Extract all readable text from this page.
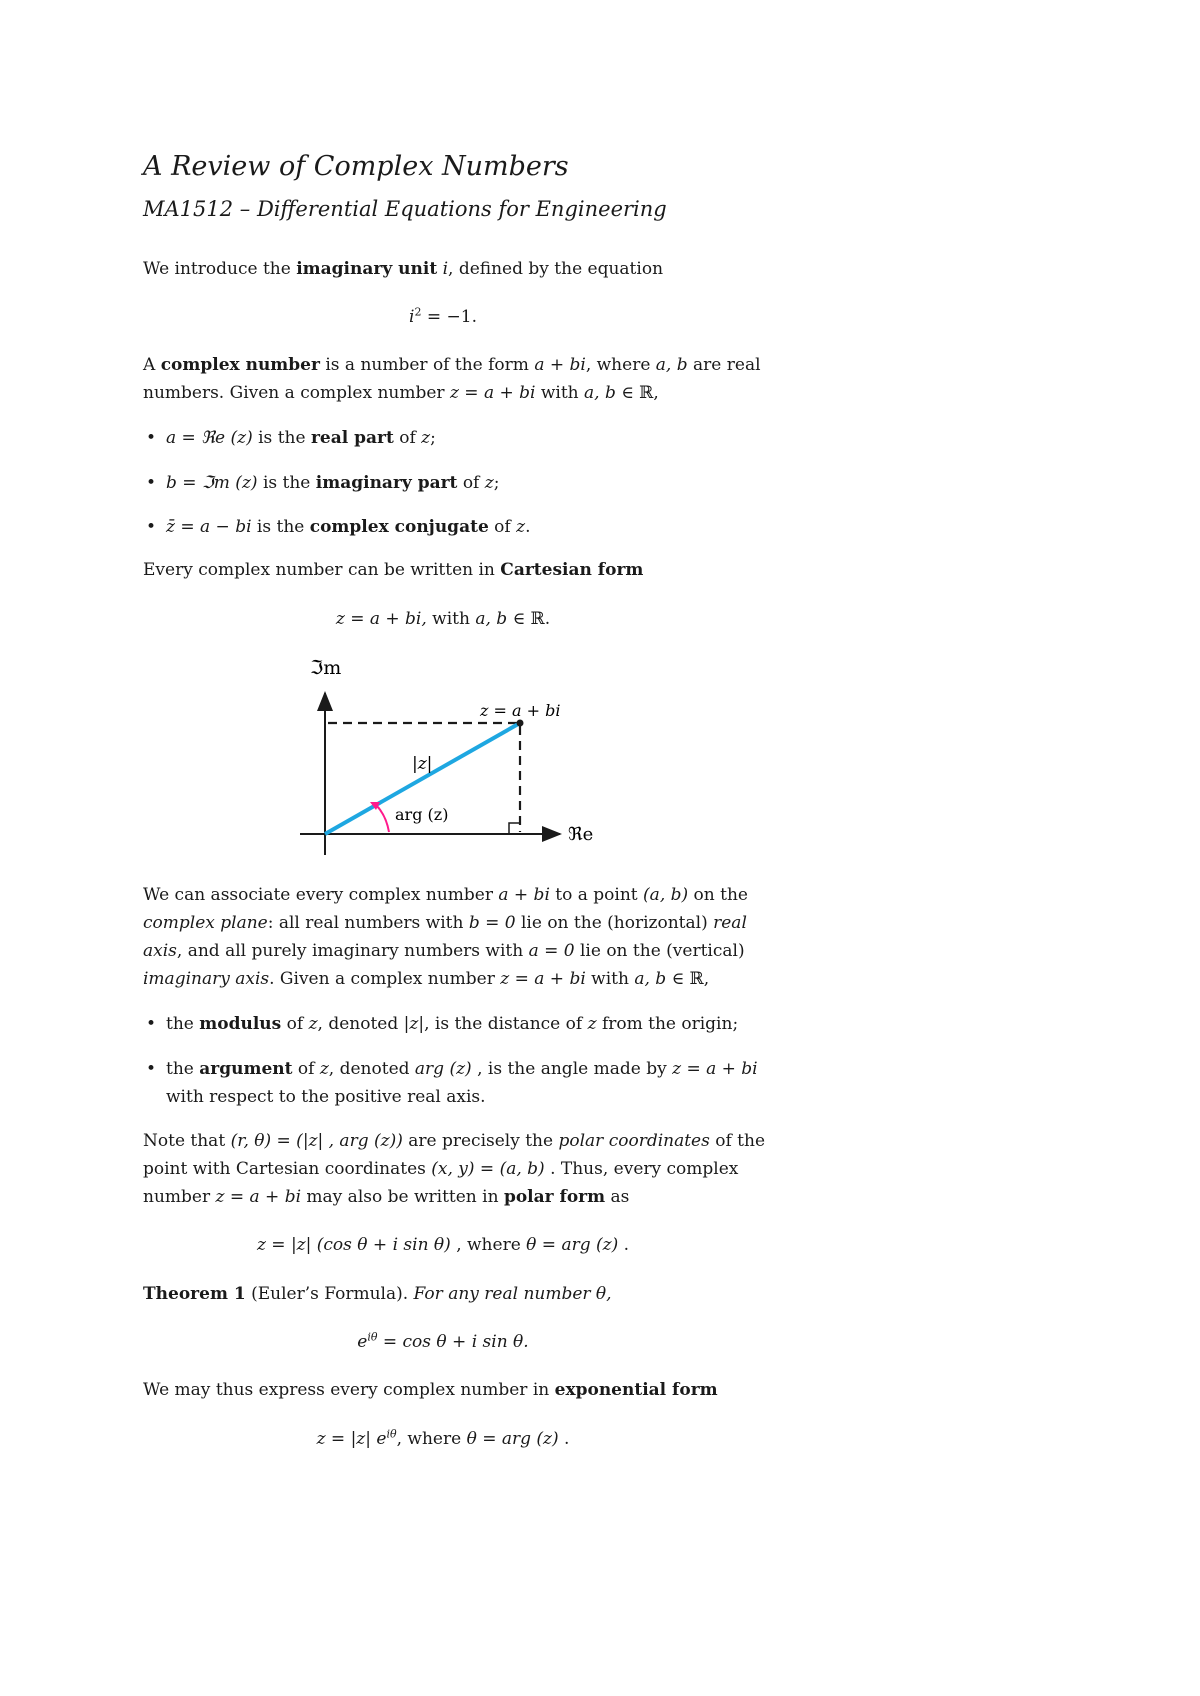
A Review of Complex Numbers
MA1512 – Differential Equations for Engineering
We introduce the imaginary unit i, defined by the equation
$i^2 = -1$.
A complex number is a number of the form a + bi, where a, b are real
numbers. Given a complex number z = a + bi with a, b ∈ ℝ,
• a = ℜe (z) is the real part of z;
• b = ℑm (z) is the imaginary part of z;
• z̄ = a − bi is the complex conjugate of z.
Every complex number can be written in Cartesian form
z = a + bi, with a, b ∈ ℝ.
ℑm
ℜe
z = a + bi
|z|
arg (z)
We can associate every complex number a + bi to a point (a, b) on the
complex plane: all real numbers with b = 0 lie on the (horizontal) real
axis, and all purely imaginary numbers with a = 0 lie on the (vertical)
imaginary axis. Given a complex number z = a + bi with a, b ∈ ℝ,
• the modulus of z, denoted |z|, is the distance of z from the origin;
• the argument of z, denoted arg (z) , is the angle made by z = a + bi
with respect to the positive real axis.
Note that (r, θ) = (|z| , arg (z)) are precisely the polar coordinates of the
point with Cartesian coordinates (x, y) = (a, b) . Thus, every complex
number z = a + bi may also be written in polar form as
z = |z| (cos θ + i sin θ) , where θ = arg (z) .
Theorem 1 (Euler’s Formula). For any real number θ,
$e^{i\theta} = \cos \theta + i$ sin θ.
We may thus express every complex number in exponential form
z = |z| $e^{i\theta}$, where θ = arg (z) .
